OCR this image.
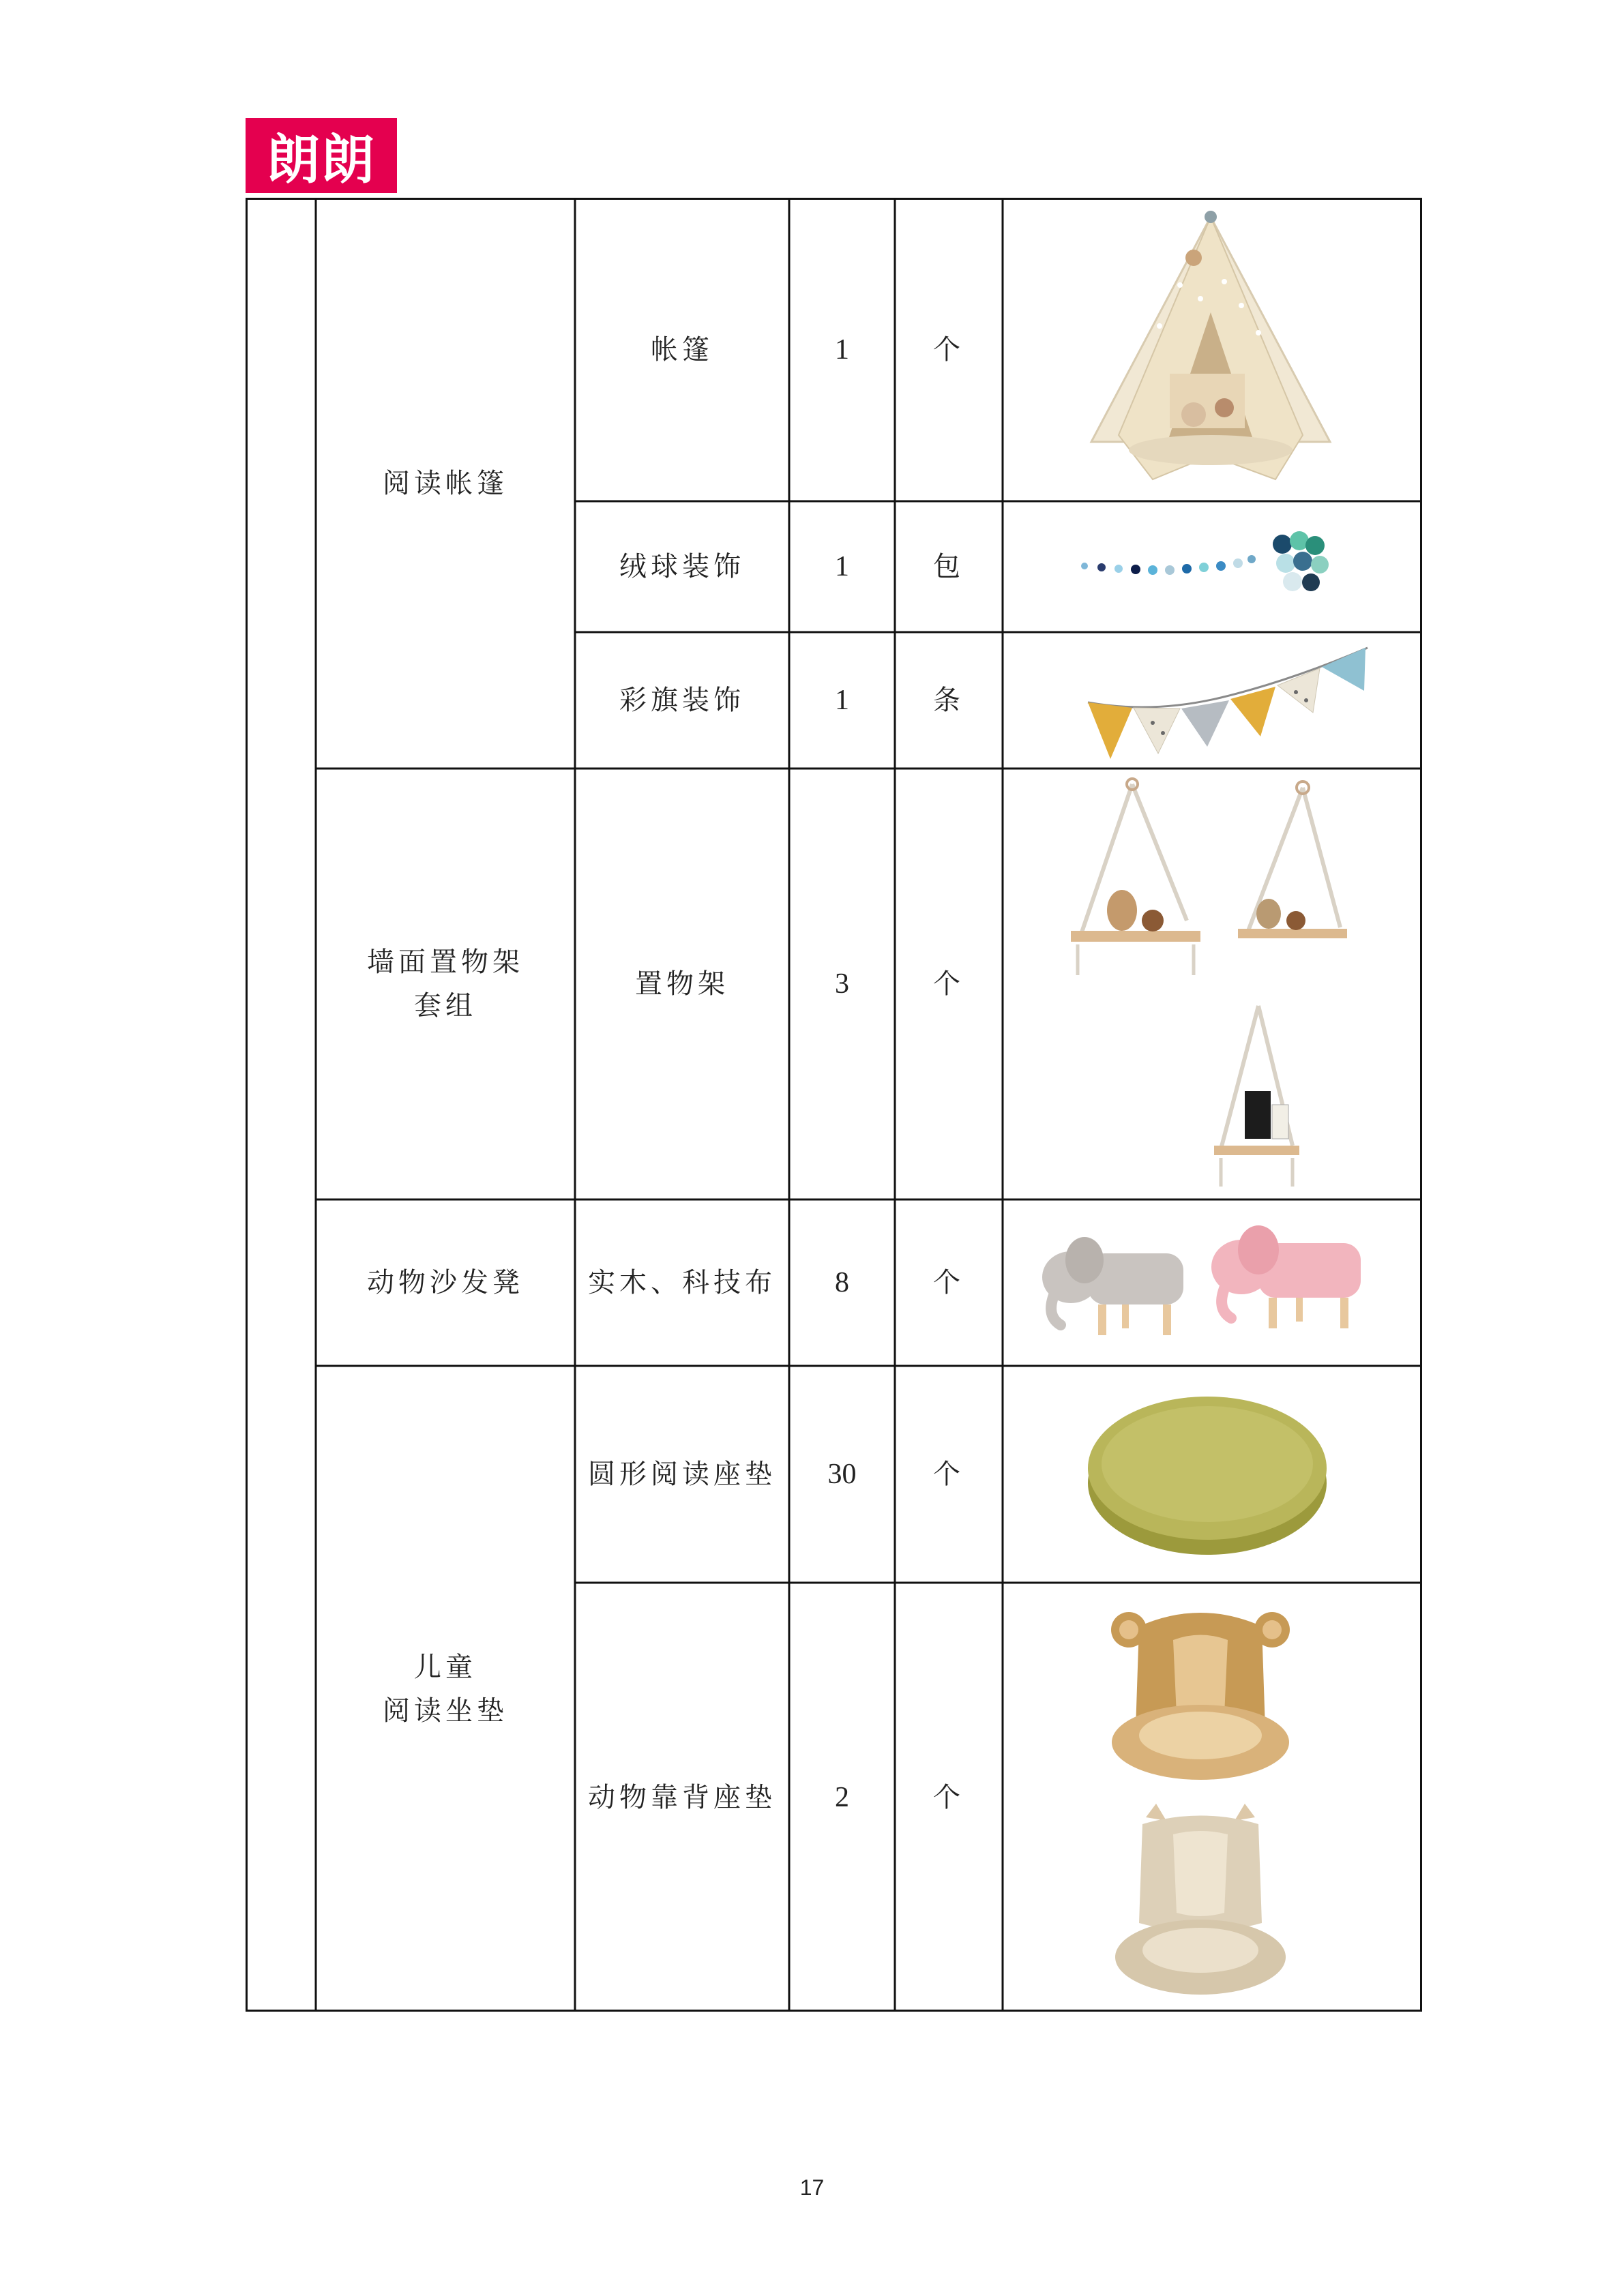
朗朗
阅读帐篷
帐篷	1	个
绒球装饰	1	包
彩旗装饰	1	条
墙面置物架
套组
置物架	3	个
动物沙发凳	实木、科技布	8	个
儿童
阅读坐垫
圆形阅读座垫	30	个
动物靠背座垫	2	个
17
